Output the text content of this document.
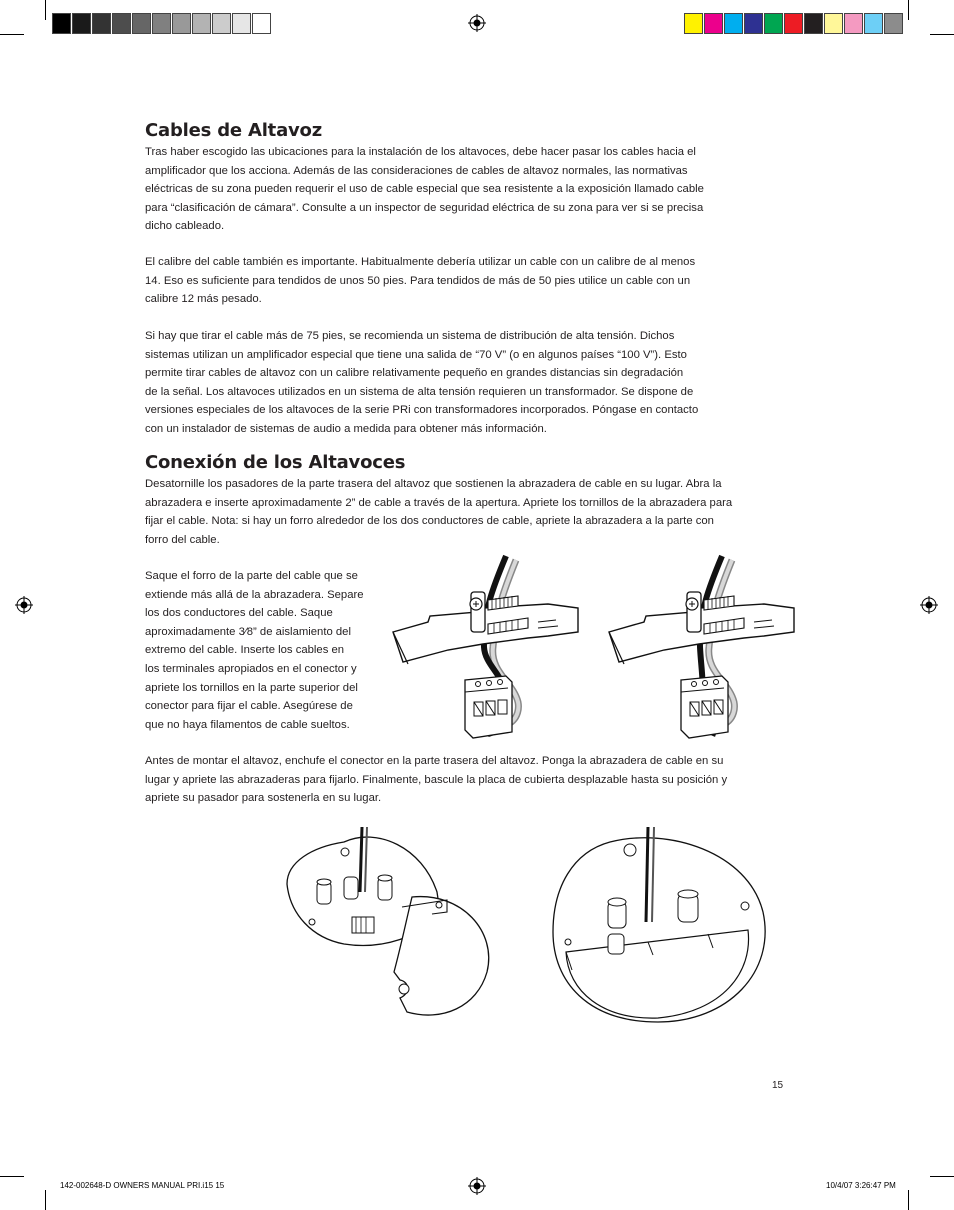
Cables de Altavoz

Tras haber escogido las ubicaciones para la instalación de los altavoces, debe hacer pasar los cables hacia el
amplificador que los acciona. Además de las consideraciones de cables de altavoz normales, las normativas
eléctricas de su zona pueden requerir el uso de cable especial que sea resistente a la exposición llamado cable
para “clasificación de cámara”. Consulte a un inspector de seguridad eléctrica de su zona para ver si se precisa
dicho cableado.

El calibre del cable también es importante. Habitualmente debería utilizar un cable con un calibre de al menos
14. Eso es suficiente para tendidos de unos 50 pies. Para tendidos de más de 50 pies utilice un cable con un
calibre 12 más pesado.

Si hay que tirar el cable más de 75 pies, se recomienda un sistema de distribución de alta tensión. Dichos
sistemas utilizan un amplificador especial que tiene una salida de “70 V” (o en algunos países “100 V”). Esto
permite tirar cables de altavoz con un calibre relativamente pequeño en grandes distancias sin degradación
de la señal. Los altavoces utilizados en un sistema de alta tensión requieren un transformador. Se dispone de
versiones especiales de los altavoces de la serie PRi con transformadores incorporados. Póngase en contacto
con un instalador de sistemas de audio a medida para obtener más información.

Conexión de los Altavoces

Desatornille los pasadores de la parte trasera del altavoz que sostienen la abrazadera de cable en su lugar. Abra la
abrazadera e inserte aproximadamente 2” de cable a través de la apertura. Apriete los tornillos de la abrazadera para
fijar el cable. Nota: si hay un forro alrededor de los dos conductores de cable, apriete la abrazadera a la parte con
forro del cable.

Saque el forro de la parte del cable que se
extiende más allá de la abrazadera. Separe
los dos conductores del cable. Saque
aproximadamente 3⁄8” de aislamiento del
extremo del cable. Inserte los cables en
los terminales apropiados en el conector y
apriete los tornillos en la parte superior del
conector para fijar el cable. Asegúrese de
que no haya filamentos de cable sueltos.

Antes de montar el altavoz, enchufe el conector en la parte trasera del altavoz. Ponga la abrazadera de cable en su
lugar y apriete las abrazaderas para fijarlo. Finalmente, bascule la placa de cubierta desplazable hasta su posición y
apriete su pasador para sostenerla en su lugar.

15
142-002648-D OWNERS MANUAL PRI.i15 15	10/4/07 3:26:47 PM
